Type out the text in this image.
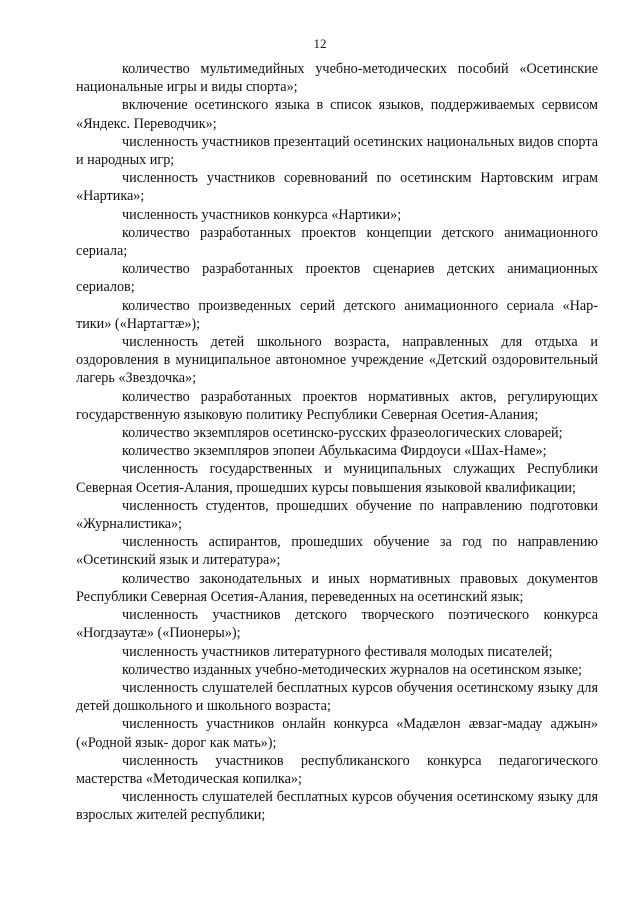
12

количество мультимедийных учебно-методических пособий «Осетинские национальные игры и виды спорта»;

включение осетинского языка в список языков, поддерживаемых сервисом «Яндекс. Переводчик»;

численность участников презентаций осетинских национальных видов спорта и народных игр;

численность участников соревнований по осетинским Нартовским играм «Нартика»;

численность участников конкурса «Нартики»;

количество разработанных проектов концепции детского анимационного сериала;

количество разработанных проектов сценариев детских анимационных сериалов;

количество произведенных серий детского анимационного сериала «Нартики» («Нартагтæ»);

численность детей школьного возраста, направленных для отдыха и оздоровления в муниципальное автономное учреждение «Детский оздоровительный лагерь «Звездочка»;

количество разработанных проектов нормативных актов, регулирующих государственную языковую политику Республики Северная Осетия-Алания;

количество экземпляров осетинско-русских фразеологических словарей;

количество экземпляров эпопеи Абулькасима Фирдоуси «Шах-Наме»;

численность государственных и муниципальных служащих Республики Северная Осетия-Алания, прошедших курсы повышения языковой квалификации;

численность студентов, прошедших обучение по направлению подготовки «Журналистика»;

численность аспирантов, прошедших обучение за год по направлению «Осетинский язык и литература»;

количество законодательных и иных нормативных правовых документов Республики Северная Осетия-Алания, переведенных на осетинский язык;

численность участников детского творческого поэтического конкурса «Ногдзаутæ» («Пионеры»);

численность участников литературного фестиваля молодых писателей;

количество изданных учебно-методических журналов на осетинском языке;

численность слушателей бесплатных курсов обучения осетинскому языку для детей дошкольного и школьного возраста;

численность участников онлайн конкурса «Мадæлон æвзаг-мадау аджын» («Родной язык- дорог как мать»);

численность участников республиканского конкурса педагогического мастерства «Методическая копилка»;

численность слушателей бесплатных курсов обучения осетинскому языку для взрослых жителей республики;
